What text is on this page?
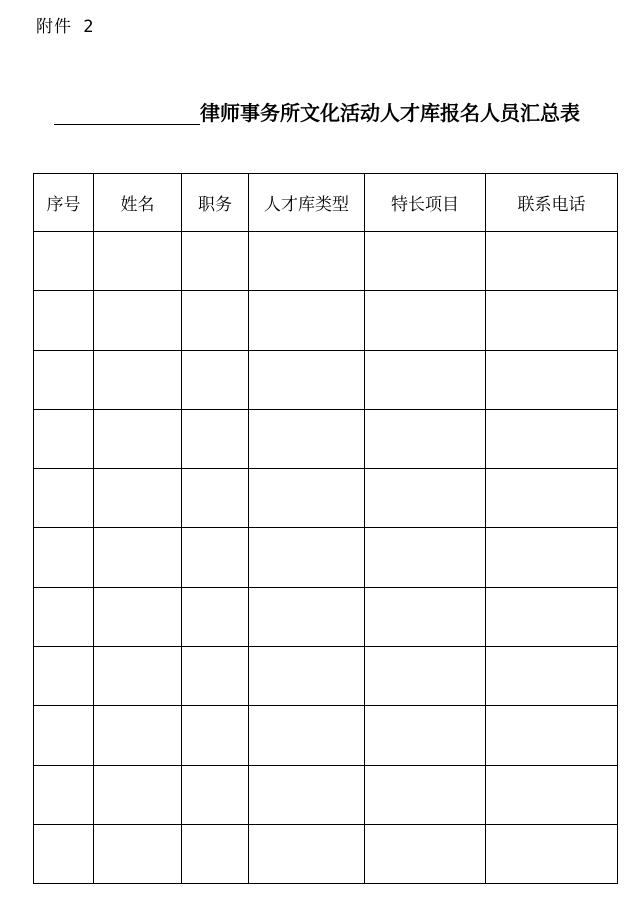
附件 2
律师事务所文化活动人才库报名人员汇总表
序号	姓名	职务	人才库类型	特长项目	联系电话
